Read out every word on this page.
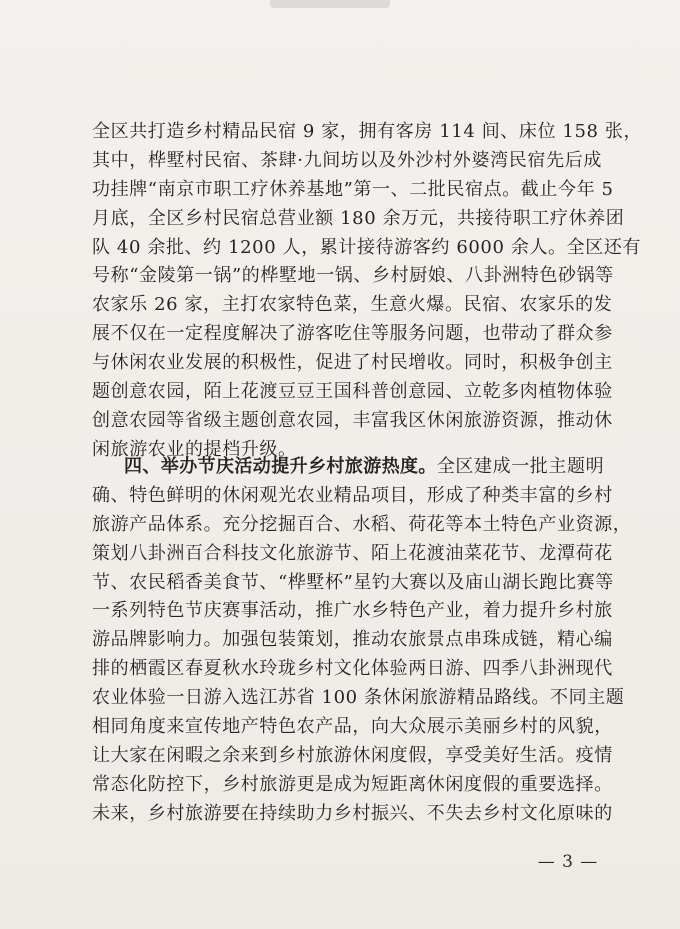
全区共打造乡村精品民宿 9 家，拥有客房 114 间、床位 158 张，
其中，桦墅村民宿、茶肆·九间坊以及外沙村外婆湾民宿先后成
功挂牌“南京市职工疗休养基地”第一、二批民宿点。截止今年 5
月底，全区乡村民宿总营业额 180 余万元，共接待职工疗休养团
队 40 余批、约 1200 人，累计接待游客约 6000 余人。全区还有
号称“金陵第一锅”的桦墅地一锅、乡村厨娘、八卦洲特色砂锅等
农家乐 26 家，主打农家特色菜，生意火爆。民宿、农家乐的发
展不仅在一定程度解决了游客吃住等服务问题，也带动了群众参
与休闲农业发展的积极性，促进了村民增收。同时，积极争创主
题创意农园，陌上花渡豆豆王国科普创意园、立乾多肉植物体验
创意农园等省级主题创意农园，丰富我区休闲旅游资源，推动休
闲旅游农业的提档升级。
四、举办节庆活动提升乡村旅游热度。全区建成一批主题明
确、特色鲜明的休闲观光农业精品项目，形成了种类丰富的乡村
旅游产品体系。充分挖掘百合、水稻、荷花等本土特色产业资源，
策划八卦洲百合科技文化旅游节、陌上花渡油菜花节、龙潭荷花
节、农民稻香美食节、“桦墅杯”星钓大赛以及庙山湖长跑比赛等
一系列特色节庆赛事活动，推广水乡特色产业，着力提升乡村旅
游品牌影响力。加强包装策划，推动农旅景点串珠成链，精心编
排的栖霞区春夏秋水玲珑乡村文化体验两日游、四季八卦洲现代
农业体验一日游入选江苏省 100 条休闲旅游精品路线。不同主题
相同角度来宣传地产特色农产品，向大众展示美丽乡村的风貌，
让大家在闲暇之余来到乡村旅游休闲度假，享受美好生活。疫情
常态化防控下，乡村旅游更是成为短距离休闲度假的重要选择。
未来，乡村旅游要在持续助力乡村振兴、不失去乡村文化原味的
— 3 —
